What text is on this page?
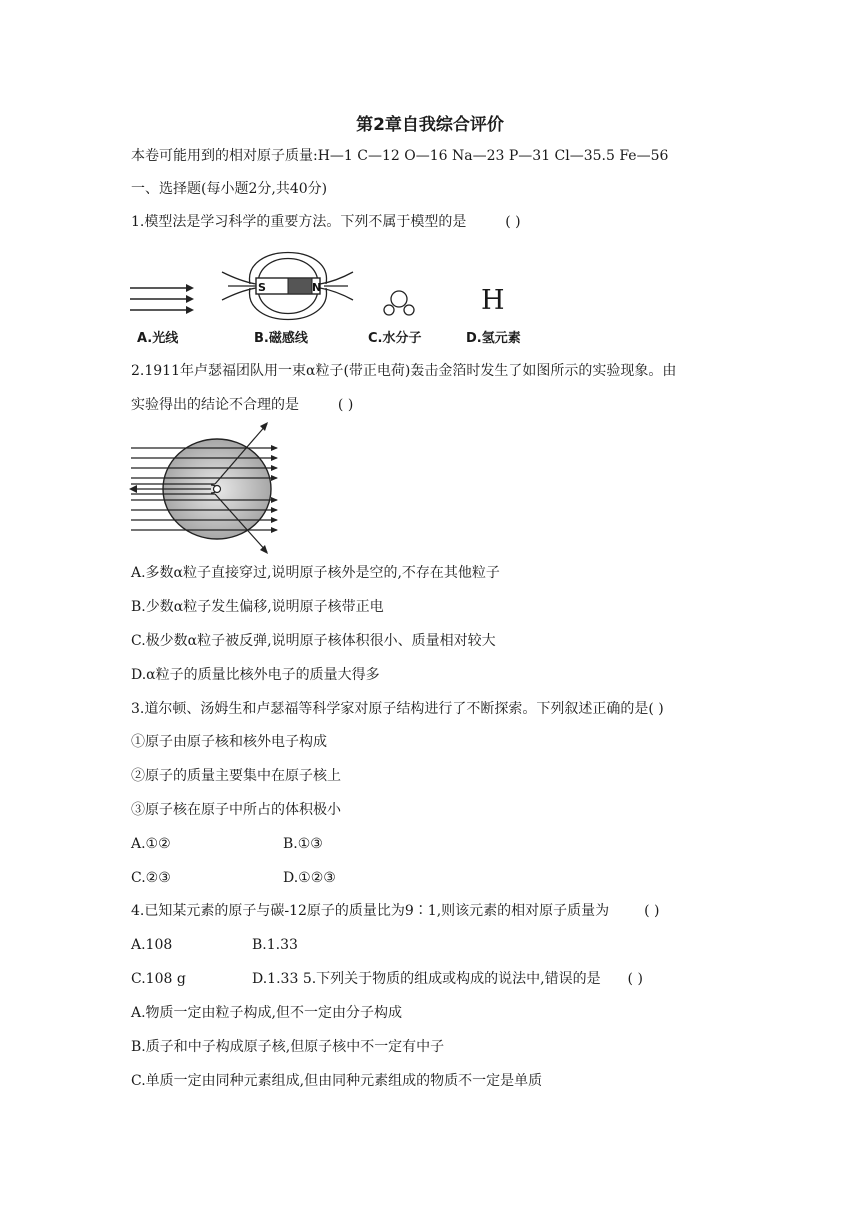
第2章自我综合评价
本卷可能用到的相对原子质量:H—1 C—12 O—16 Na—23 P—31 Cl—35.5 Fe—56
一、选择题(每小题2分,共40分)
1.模型法是学习科学的重要方法。下列不属于模型的是	( )
S	N	H
A.光线	B.磁感线	C.水分子	D.氢元素
2.1911年卢瑟福团队用一束α粒子(带正电荷)轰击金箔时发生了如图所示的实验现象。由
实验得出的结论不合理的是	( )
A.多数α粒子直接穿过,说明原子核外是空的,不存在其他粒子
B.少数α粒子发生偏移,说明原子核带正电
C.极少数α粒子被反弹,说明原子核体积很小、质量相对较大
D.α粒子的质量比核外电子的质量大得多
3.道尔顿、汤姆生和卢瑟福等科学家对原子结构进行了不断探索。下列叙述正确的是( )
①原子由原子核和核外电子构成
②原子的质量主要集中在原子核上
③原子核在原子中所占的体积极小
A.①②	B.①③
C.②③	D.①②③
4.已知某元素的原子与碳-12原子的质量比为9∶1,则该元素的相对原子质量为 ( )
A.108	B.1.33
C.108 g	D.1.33 5.下列关于物质的组成或构成的说法中,错误的是 ( )
A.物质一定由粒子构成,但不一定由分子构成
B.质子和中子构成原子核,但原子核中不一定有中子
C.单质一定由同种元素组成,但由同种元素组成的物质不一定是单质
